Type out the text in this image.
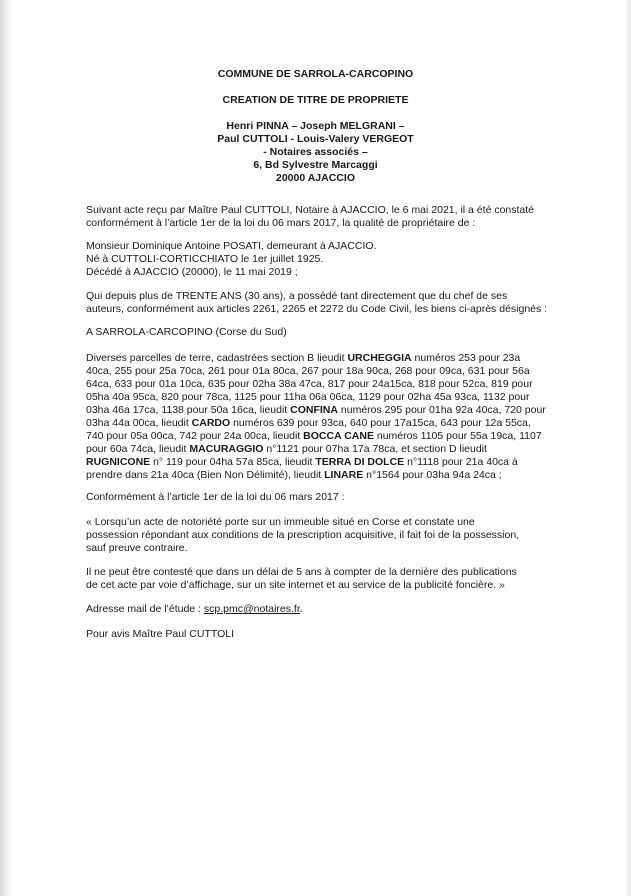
COMMUNE DE SARROLA-CARCOPINO
CREATION DE TITRE DE PROPRIETE
Henri PINNA – Joseph MELGRANI –
Paul CUTTOLI - Louis-Valery VERGEOT
- Notaires associés –
6, Bd Sylvestre Marcaggi
20000 AJACCIO
Suivant acte reçu par Maître Paul CUTTOLI, Notaire à AJACCIO, le 6 mai 2021, il a été constaté
conformément à l’article 1er de la loi du 06 mars 2017, la qualité de propriétaire de :
Monsieur Dominique Antoine POSATI, demeurant à AJACCIO.
Né à CUTTOLI-CORTICCHIATO le 1er juillet 1925.
Décédé à AJACCIO (20000), le 11 mai 2019 ;
Qui depuis plus de TRENTE ANS (30 ans), a possédé tant directement que du chef de ses
auteurs, conformément aux articles 2261, 2265 et 2272 du Code Civil, les biens ci-après désignés :
A SARROLA-CARCOPINO (Corse du Sud)
Diverses parcelles de terre, cadastrées section B lieudit URCHEGGIA numéros 253 pour 23a
40ca, 255 pour 25a 70ca, 261 pour 01a 80ca, 267 pour 18a 90ca, 268 pour 09ca, 631 pour 56a
64ca, 633 pour 01a 10ca, 635 pour 02ha 38a 47ca, 817 pour 24a15ca, 818 pour 52ca, 819 pour
05ha 40a 95ca, 820 pour 78ca, 1125 pour 11ha 06a 06ca, 1129 pour 02ha 45a 93ca, 1132 pour
03ha 46a 17ca, 1138 pour 50a 16ca, lieudit CONFINA numéros 295 pour 01ha 92a 40ca, 720 pour
03ha 44a 00ca, lieudit CARDO numéros 639 pour 93ca, 640 pour 17a15ca, 643 pour 12a 55ca,
740 pour 05a 00ca, 742 pour 24a 00ca, lieudit BOCCA CANE numéros 1105 pour 55a 19ca, 1107
pour 60a 74ca, lieudit MACURAGGIO n°1121 pour 07ha 17a 78ca, et section D lieudit
RUGNICONE n° 119 pour 04ha 57a 85ca, lieudit TERRA DI DOLCE n°1118 pour 21a 40ca à
prendre dans 21a 40ca (Bien Non Délimité), lieudit LINARE n°1564 pour 03ha 94a 24ca ;
Conformément à l’article 1er de la loi du 06 mars 2017 :
« Lorsqu’un acte de notoriété porte sur un immeuble situé en Corse et constate une
possession répondant aux conditions de la prescription acquisitive, il fait foi de la possession,
sauf preuve contraire.
Il ne peut être contesté que dans un délai de 5 ans à compter de la dernière des publications
de cet acte par voie d’affichage, sur un site internet et au service de la publicité foncière. »
Adresse mail de l’étude : scp.pmc@notaires.fr.
Pour avis Maître Paul CUTTOLI
